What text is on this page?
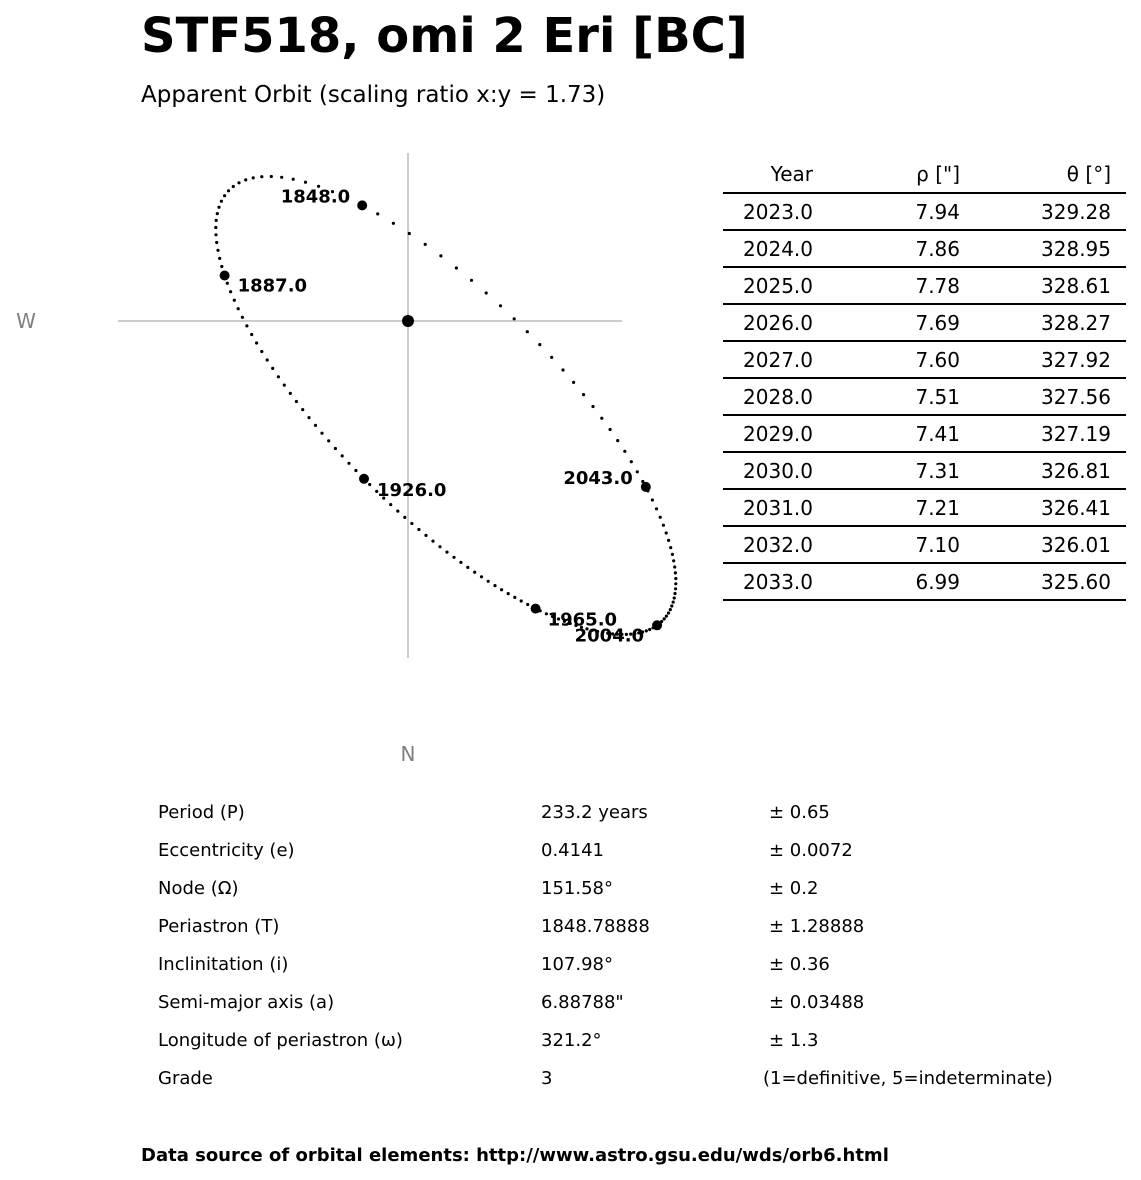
STF518, omi 2 Eri [BC]
Apparent Orbit (scaling ratio x:y = 1.73)
W
N
1848.0
1887.0
1926.0
1965.0
2004.0
2043.0
Year	ρ ["]	θ [°]
2023.0	7.94	329.28
2024.0	7.86	328.95
2025.0	7.78	328.61
2026.0	7.69	328.27
2027.0	7.60	327.92
2028.0	7.51	327.56
2029.0	7.41	327.19
2030.0	7.31	326.81
2031.0	7.21	326.41
2032.0	7.10	326.01
2033.0	6.99	325.60
Period (P)	233.2 years	± 0.65
Eccentricity (e)	0.4141	± 0.0072
Node (Ω)	151.58°	± 0.2
Periastron (T)	1848.78888	± 1.28888
Inclinitation (i)	107.98°	± 0.36
Semi-major axis (a)	6.88788"	± 0.03488
Longitude of periastron (ω)	321.2°	± 1.3
Grade	3	(1=definitive, 5=indeterminate)
Data source of orbital elements: http://www.astro.gsu.edu/wds/orb6.html
